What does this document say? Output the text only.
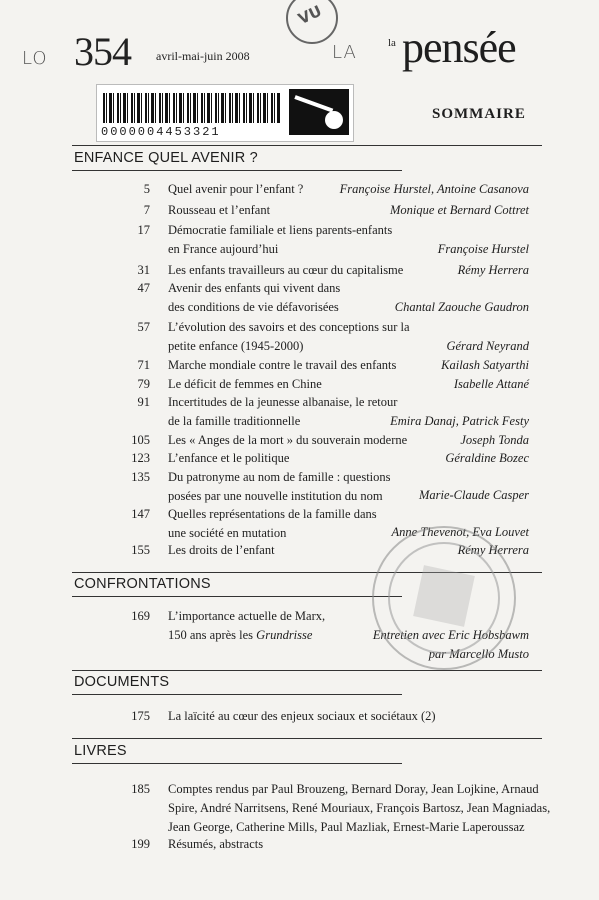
LO	LA
VU
354 avril-mai-juin 2008
la pensée
SOMMAIRE
0000004453321
ENFANCE QUEL AVENIR ?
5 Quel avenir pour l’enfant ?	Françoise Hurstel, Antoine Casanova
7 Rousseau et l’enfant	Monique et Bernard Cottret
17 Démocratie familiale et liens parents-enfants
en France aujourd’hui	Françoise Hurstel
31 Les enfants travailleurs au cœur du capitalisme	Rémy Herrera
47 Avenir des enfants qui vivent dans
des conditions de vie défavorisées	Chantal Zaouche Gaudron
57 L’évolution des savoirs et des conceptions sur la
petite enfance (1945-2000)	Gérard Neyrand
71 Marche mondiale contre le travail des enfants	Kailash Satyarthi
79 Le déficit de femmes en Chine	Isabelle Attané
91 Incertitudes de la jeunesse albanaise, le retour
de la famille traditionnelle	Emira Danaj, Patrick Festy
105 Les « Anges de la mort » du souverain moderne	Joseph Tonda
123 L’enfance et le politique	Géraldine Bozec
135 Du patronyme au nom de famille : questions
posées par une nouvelle institution du nom	Marie-Claude Casper
147 Quelles représentations de la famille dans
une société en mutation	Anne Thevenot, Eva Louvet
155 Les droits de l’enfant	Rémy Herrera
CONFRONTATIONS
169 L’importance actuelle de Marx,
150 ans après les Grundrisse	Entretien avec Eric Hobsbawm
par Marcello Musto
DOCUMENTS
175 La laïcité au cœur des enjeux sociaux et sociétaux (2)
LIVRES
185 Comptes rendus par Paul Brouzeng, Bernard Doray, Jean Lojkine, Arnaud
Spire, André Narritsens, René Mouriaux, François Bartosz, Jean Magniadas,
Jean George, Catherine Mills, Paul Mazliak, Ernest-Marie Laperoussaz
199 Résumés, abstracts
